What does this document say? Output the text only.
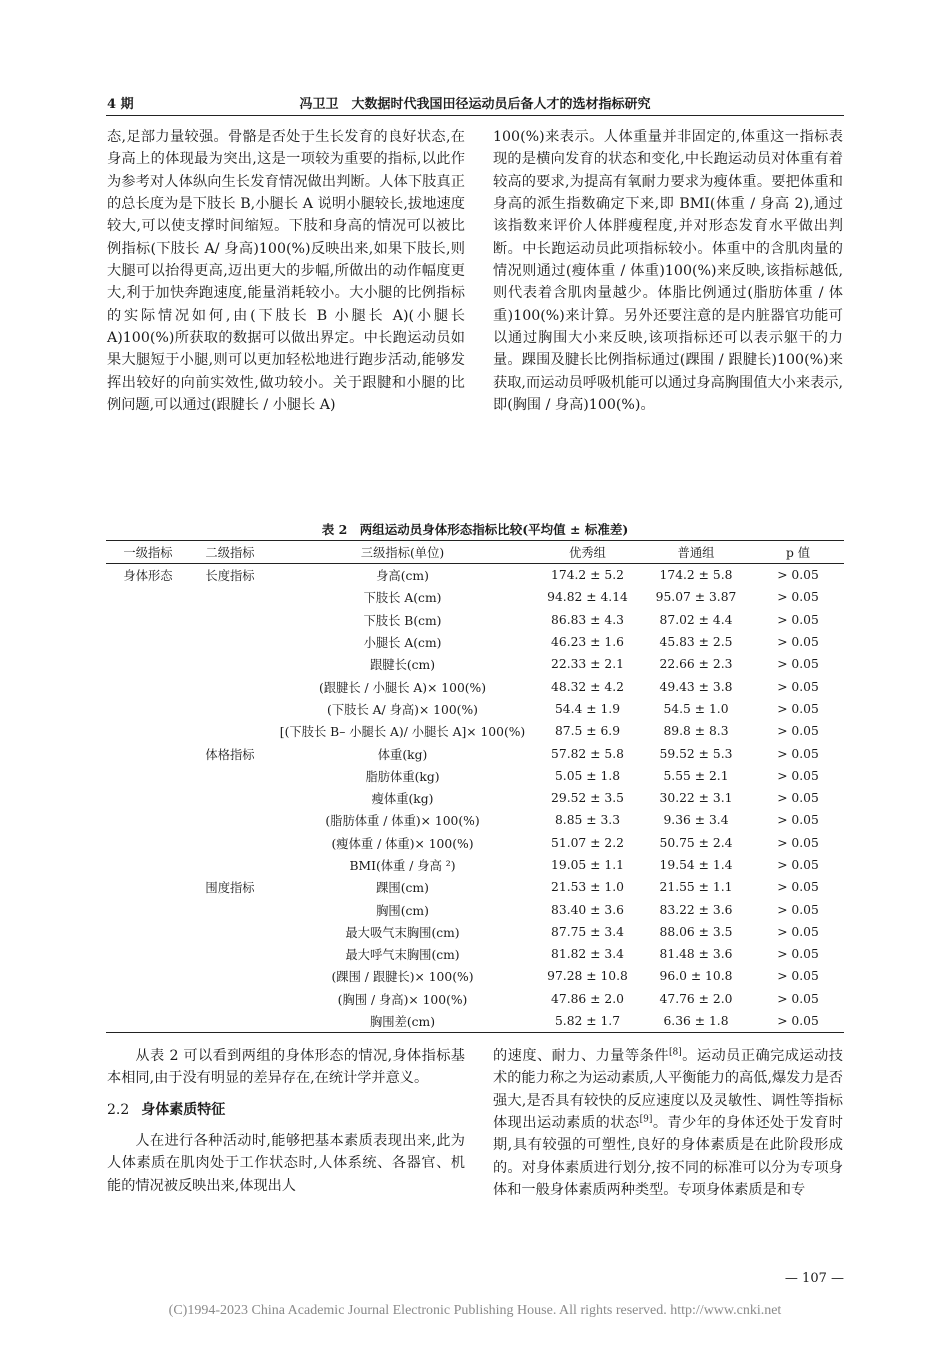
4 期	冯卫卫　大数据时代我国田径运动员后备人才的选材指标研究

态,足部力量较强。骨骼是否处于生长发育的良好状态,在身高上的体现最为突出,这是一项较为重要的指标,以此作为参考对人体纵向生长发育情况做出判断。人体下肢真正的总长度为是下肢长 B,小腿长 A 说明小腿较长,拔地速度较大,可以使支撑时间缩短。下肢和身高的情况可以被比例指标(下肢长 A/ 身高)100(%)反映出来,如果下肢长,则大腿可以抬得更高,迈出更大的步幅,所做出的动作幅度更大,利于加快奔跑速度,能量消耗较小。大小腿的比例指标的实际情况如何,由(下肢长 B 小腿长 A)(小腿长 A)100(%)所获取的数据可以做出界定。中长跑运动员如果大腿短于小腿,则可以更加轻松地进行跑步活动,能够发挥出较好的向前实效性,做功较小。关于跟腱和小腿的比例问题,可以通过(跟腱长 / 小腿长 A)

100(%)来表示。人体重量并非固定的,体重这一指标表现的是横向发育的状态和变化,中长跑运动员对体重有着较高的要求,为提高有氧耐力要求为瘦体重。要把体重和身高的派生指数确定下来,即 BMI(体重 / 身高 2),通过该指数来评价人体胖瘦程度,并对形态发育水平做出判断。中长跑运动员此项指标较小。体重中的含肌肉量的情况则通过(瘦体重 / 体重)100(%)来反映,该指标越低,则代表着含肌肉量越少。体脂比例通过(脂肪体重 / 体重)100(%)来计算。另外还要注意的是内脏器官功能可以通过胸围大小来反映,该项指标还可以表示躯干的力量。踝围及腱长比例指标通过(踝围 / 跟腱长)100(%)来获取,而运动员呼吸机能可以通过身高胸围值大小来表示,即(胸围 / 身高)100(%)。

表 2　两组运动员身体形态指标比较(平均值 ± 标准差)
一级指标	二级指标	三级指标(单位)	优秀组	普通组	p 值
身体形态	长度指标	身高(cm)	174.2 ± 5.2	174.2 ± 5.8	> 0.05
		下肢长 A(cm)	94.82 ± 4.14	95.07 ± 3.87	> 0.05
		下肢长 B(cm)	86.83 ± 4.3	87.02 ± 4.4	> 0.05
		小腿长 A(cm)	46.23 ± 1.6	45.83 ± 2.5	> 0.05
		跟腱长(cm)	22.33 ± 2.1	22.66 ± 2.3	> 0.05
		(跟腱长 / 小腿长 A)× 100(%)	48.32 ± 4.2	49.43 ± 3.8	> 0.05
		(下肢长 A/ 身高)× 100(%)	54.4 ± 1.9	54.5 ± 1.0	> 0.05
		[(下肢长 B– 小腿长 A)/ 小腿长 A]× 100(%)	87.5 ± 6.9	89.8 ± 8.3	> 0.05
	体格指标	体重(kg)	57.82 ± 5.8	59.52 ± 5.3	> 0.05
		脂肪体重(kg)	5.05 ± 1.8	5.55 ± 2.1	> 0.05
		瘦体重(kg)	29.52 ± 3.5	30.22 ± 3.1	> 0.05
		(脂肪体重 / 体重)× 100(%)	8.85 ± 3.3	9.36 ± 3.4	> 0.05
		(瘦体重 / 体重)× 100(%)	51.07 ± 2.2	50.75 ± 2.4	> 0.05
		BMI(体重 / 身高 ²)	19.05 ± 1.1	19.54 ± 1.4	> 0.05
	围度指标	踝围(cm)	21.53 ± 1.0	21.55 ± 1.1	> 0.05
		胸围(cm)	83.40 ± 3.6	83.22 ± 3.6	> 0.05
		最大吸气末胸围(cm)	87.75 ± 3.4	88.06 ± 3.5	> 0.05
		最大呼气末胸围(cm)	81.82 ± 3.4	81.48 ± 3.6	> 0.05
		(踝围 / 跟腱长)× 100(%)	97.28 ± 10.8	96.0 ± 10.8	> 0.05
		(胸围 / 身高)× 100(%)	47.86 ± 2.0	47.76 ± 2.0	> 0.05
		胸围差(cm)	5.82 ± 1.7	6.36 ± 1.8	> 0.05

从表 2 可以看到两组的身体形态的情况,身体指标基本相同,由于没有明显的差异存在,在统计学并意义。

2.2 身体素质特征

人在进行各种活动时,能够把基本素质表现出来,此为人体素质在肌肉处于工作状态时,人体系统、各器官、机能的情况被反映出来,体现出人

的速度、耐力、力量等条件[8]。运动员正确完成运动技术的能力称之为运动素质,人平衡能力的高低,爆发力是否强大,是否具有较快的反应速度以及灵敏性、调性等指标体现出运动素质的状态[9]。青少年的身体还处于发育时期,具有较强的可塑性,良好的身体素质是在此阶段形成的。对身体素质进行划分,按不同的标准可以分为专项身体和一般身体素质两种类型。专项身体素质是和专

— 107 —
(C)1994-2023 China Academic Journal Electronic Publishing House. All rights reserved. http://www.cnki.net
